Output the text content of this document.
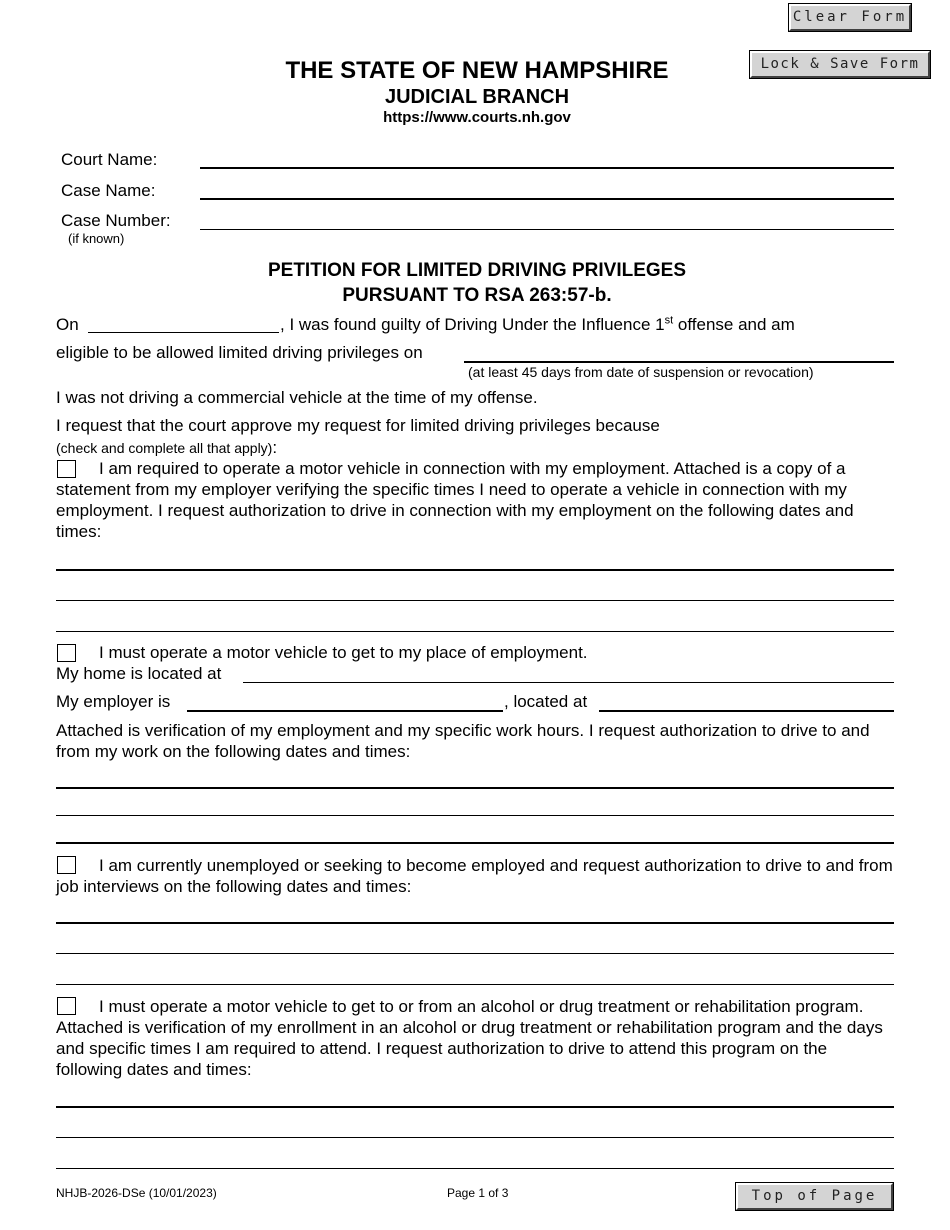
Clear Form
Lock & Save Form
THE STATE OF NEW HAMPSHIRE
JUDICIAL BRANCH
https://www.courts.nh.gov
Court Name:
Case Name:
Case Number:
(if known)
PETITION FOR LIMITED DRIVING PRIVILEGES
PURSUANT TO RSA 263:57-b.
On	, I was found guilty of Driving Under the Influence 1st offense and am
eligible to be allowed limited driving privileges on
(at least 45 days from date of suspension or revocation)
I was not driving a commercial vehicle at the time of my offense.
I request that the court approve my request for limited driving privileges because
(check and complete all that apply):
I am required to operate a motor vehicle in connection with my employment. Attached is a copy of a statement from my employer verifying the specific times I need to operate a vehicle in connection with my employment. I request authorization to drive in connection with my employment on the following dates and times:
I must operate a motor vehicle to get to my place of employment.
My home is located at
My employer is	, located at
Attached is verification of my employment and my specific work hours. I request authorization to drive to and from my work on the following dates and times:
I am currently unemployed or seeking to become employed and request authorization to drive to and from job interviews on the following dates and times:
I must operate a motor vehicle to get to or from an alcohol or drug treatment or rehabilitation program. Attached is verification of my enrollment in an alcohol or drug treatment or rehabilitation program and the days and specific times I am required to attend. I request authorization to drive to attend this program on the following dates and times:
NHJB-2026-DSe (10/01/2023)	Page 1 of 3	Top of Page
